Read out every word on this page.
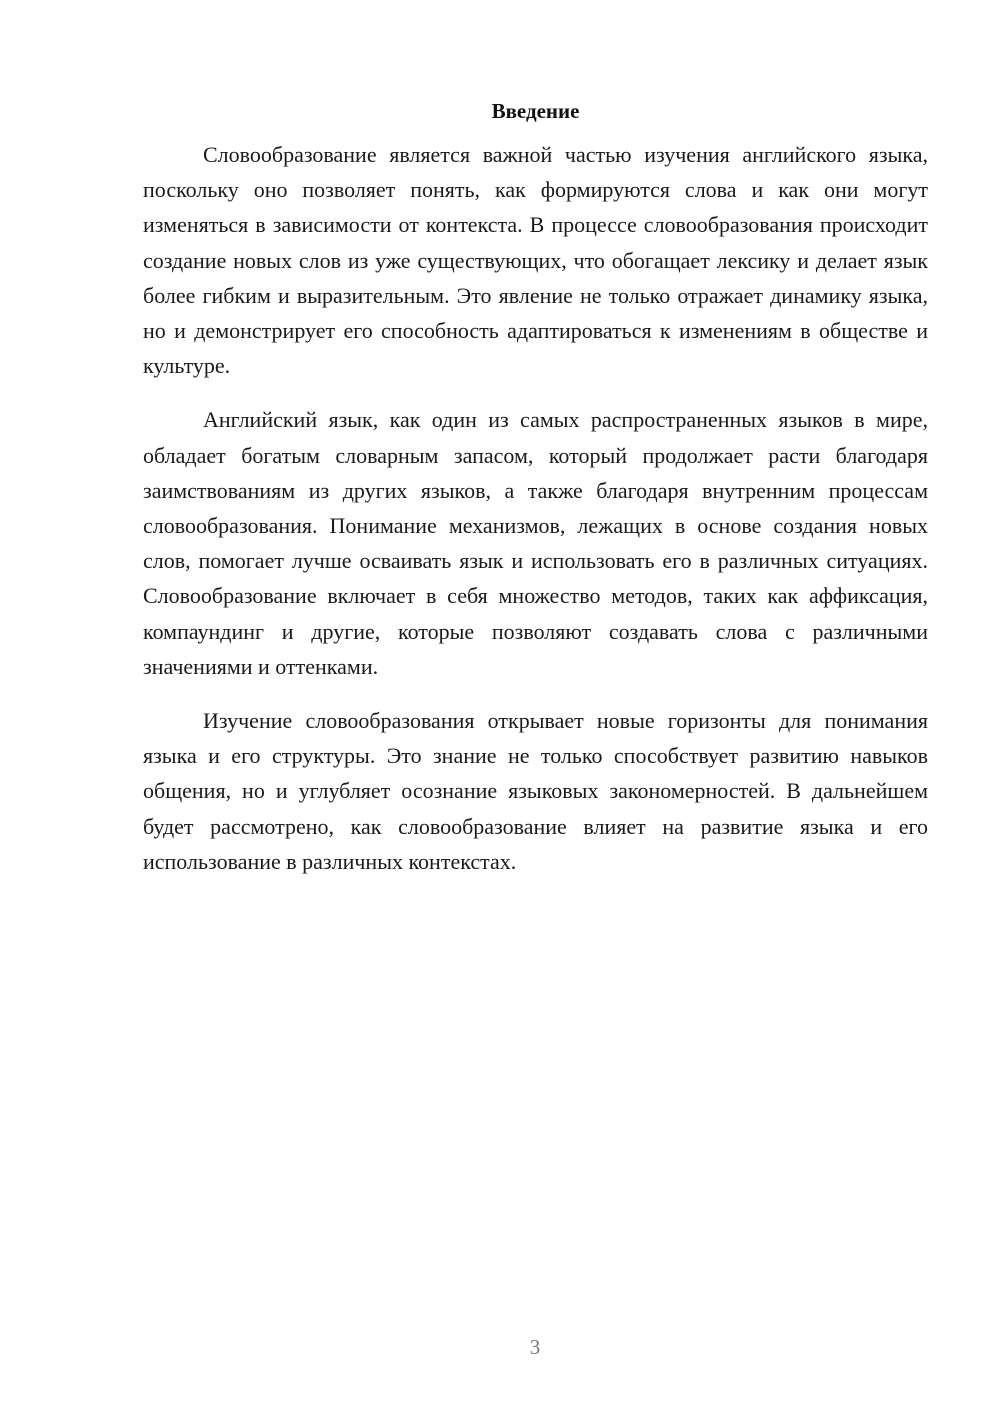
Введение

Словообразование является важной частью изучения английского языка, поскольку оно позволяет понять, как формируются слова и как они могут изменяться в зависимости от контекста. В процессе словообразования происходит создание новых слов из уже существующих, что обогащает лексику и делает язык более гибким и выразительным. Это явление не только отражает динамику языка, но и демонстрирует его способность адаптироваться к изменениям в обществе и культуре.

Английский язык, как один из самых распространенных языков в мире, обладает богатым словарным запасом, который продолжает расти благодаря заимствованиям из других языков, а также благодаря внутренним процессам словообразования. Понимание механизмов, лежащих в основе создания новых слов, помогает лучше осваивать язык и использовать его в различных ситуациях. Словообразование включает в себя множество методов, таких как аффиксация, компаундинг и другие, которые позволяют создавать слова с различными значениями и оттенками.

Изучение словообразования открывает новые горизонты для понимания языка и его структуры. Это знание не только способствует развитию навыков общения, но и углубляет осознание языковых закономерностей. В дальнейшем будет рассмотрено, как словообразование влияет на развитие языка и его использование в различных контекстах.

3
